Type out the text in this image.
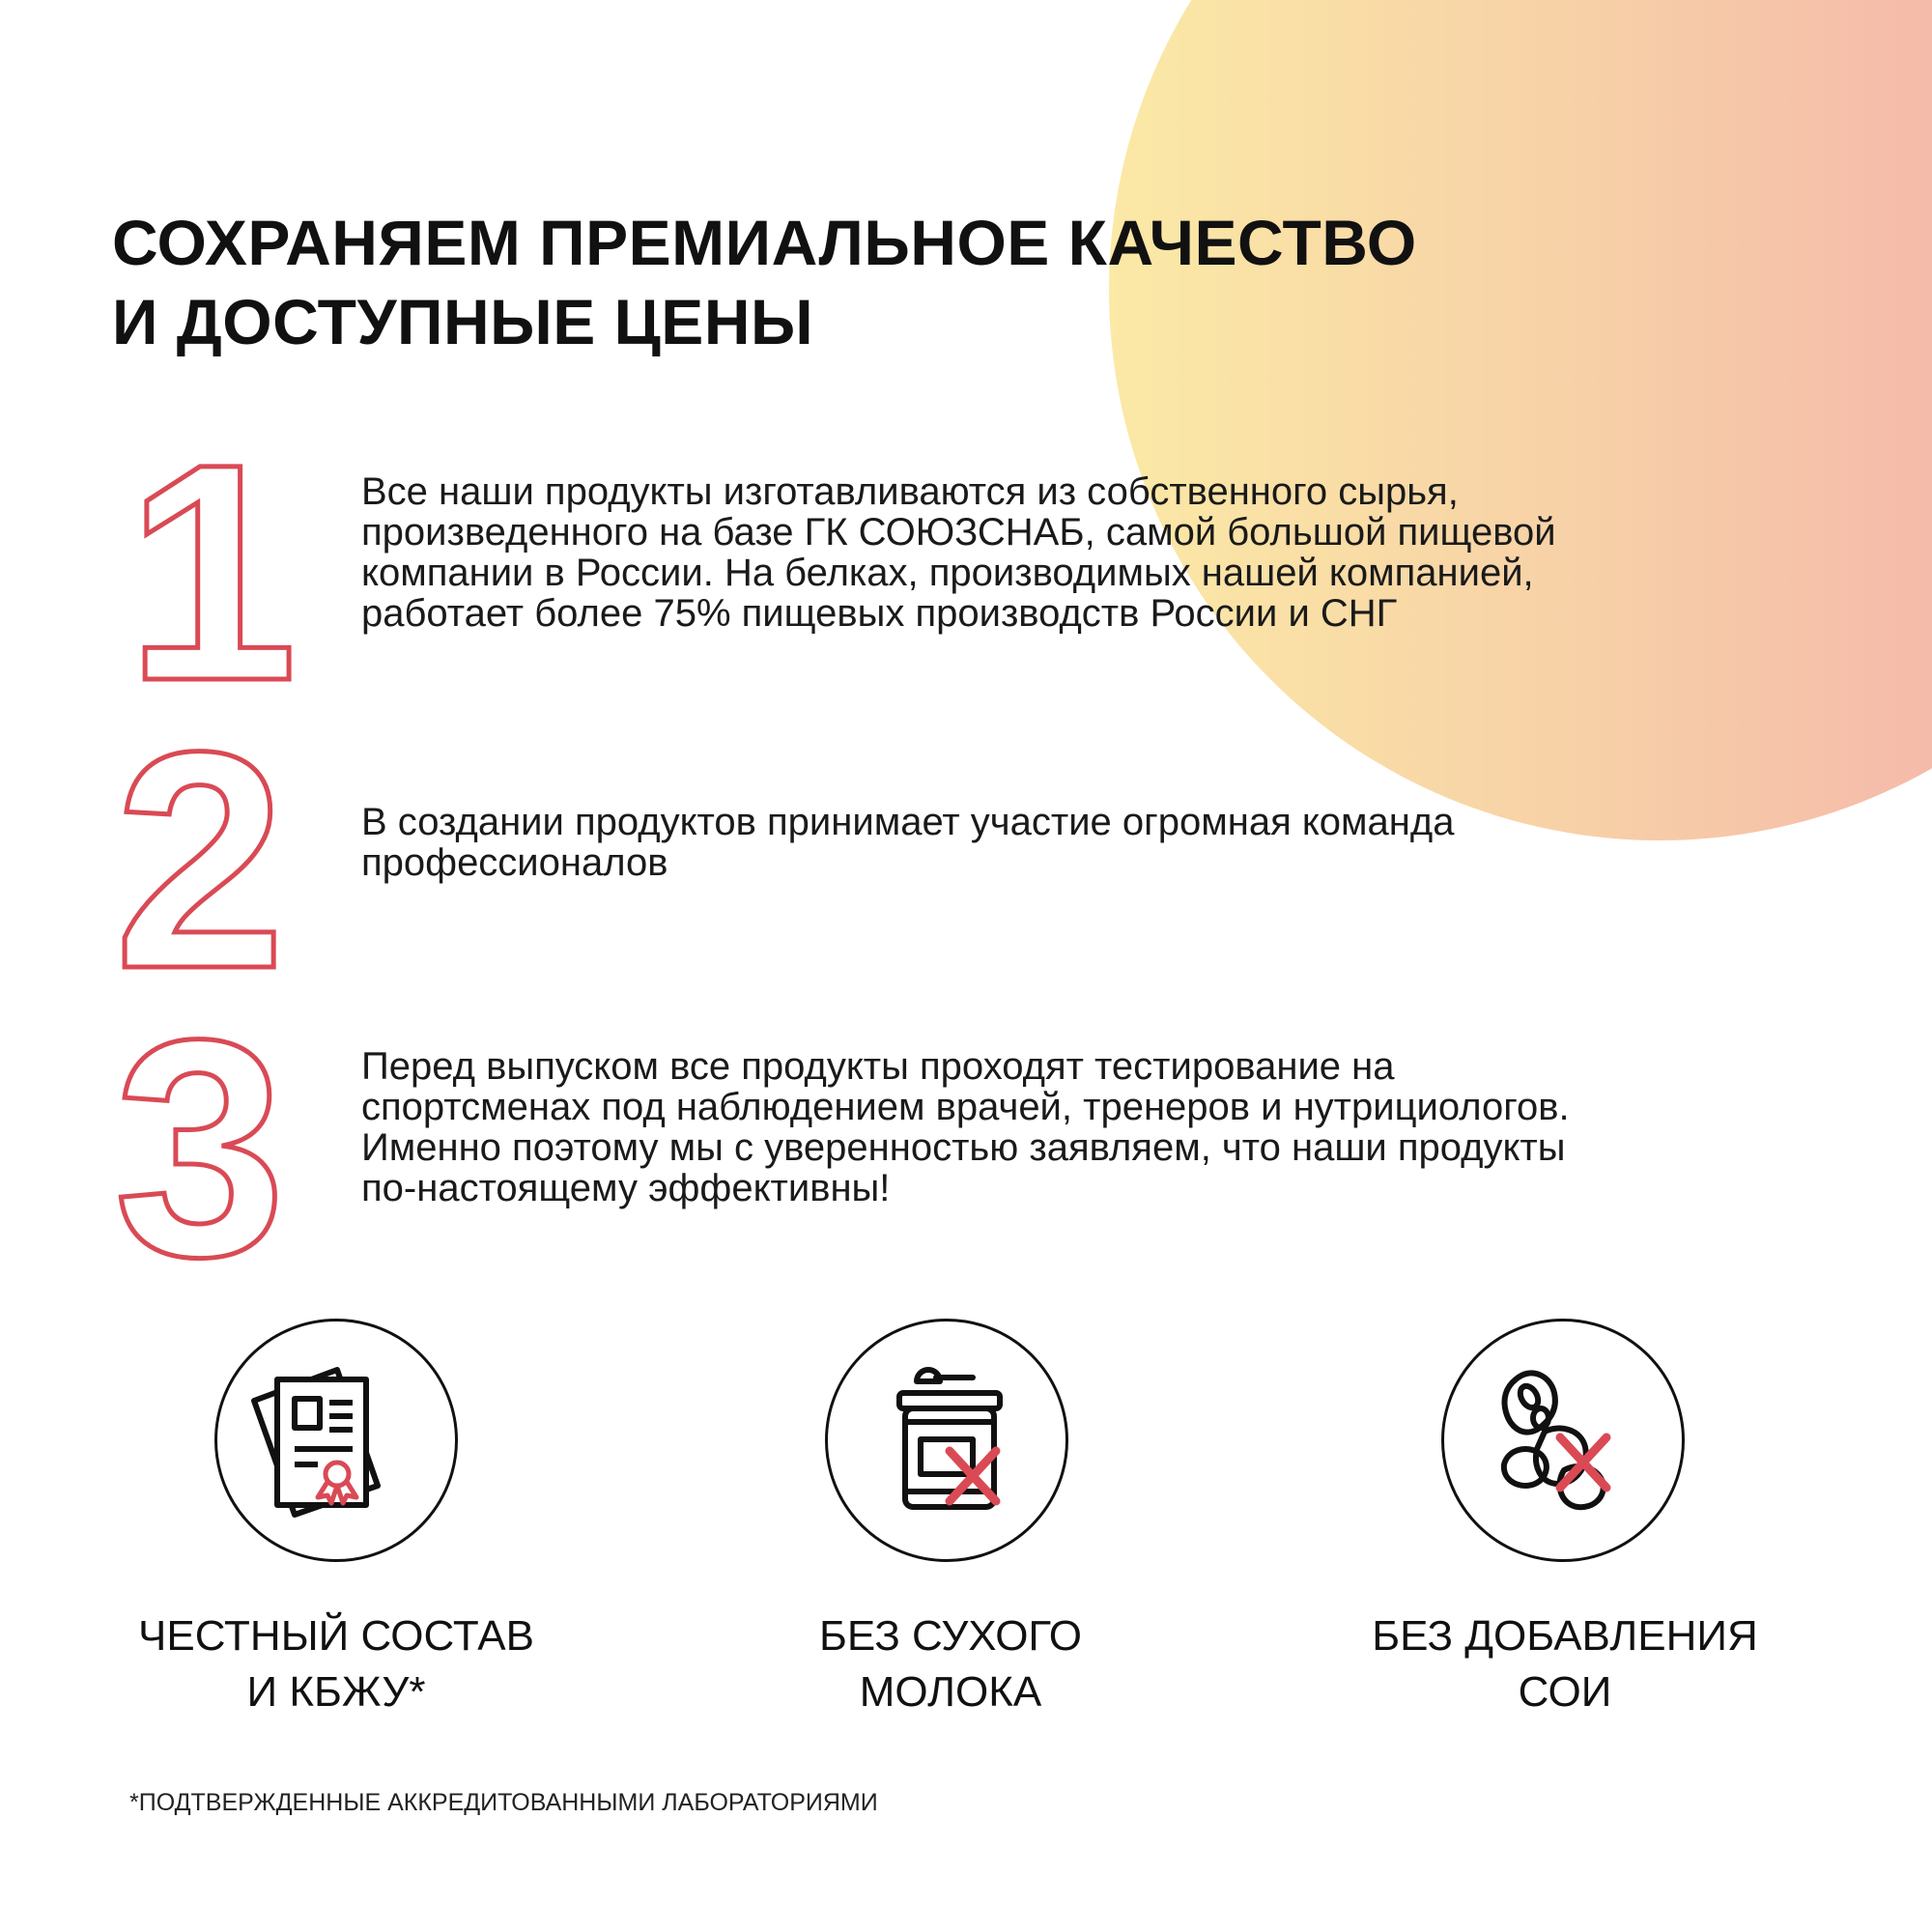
СОХРАНЯЕМ ПРЕМИАЛЬНОЕ КАЧЕСТВО
И ДОСТУПНЫЕ ЦЕНЫ
1 Все наши продукты изготавливаются из собственного сырья,
произведенного на базе ГК СОЮЗСНАБ, самой большой пищевой
компании в России. На белках, производимых нашей компанией,
работает более 75% пищевых производств России и СНГ
2 В создании продуктов принимает участие огромная команда
профессионалов
3 Перед выпуском все продукты проходят тестирование на
спортсменах под наблюдением врачей, тренеров и нутрициологов.
Именно поэтому мы с уверенностью заявляем, что наши продукты
по-настоящему эффективны!
ЧЕСТНЫЙ СОСТАВ
И КБЖУ*
БЕЗ СУХОГО
МОЛОКА
БЕЗ ДОБАВЛЕНИЯ
СОИ
*ПОДТВЕРЖДЕННЫЕ АККРЕДИТОВАННЫМИ ЛАБОРАТОРИЯМИ
